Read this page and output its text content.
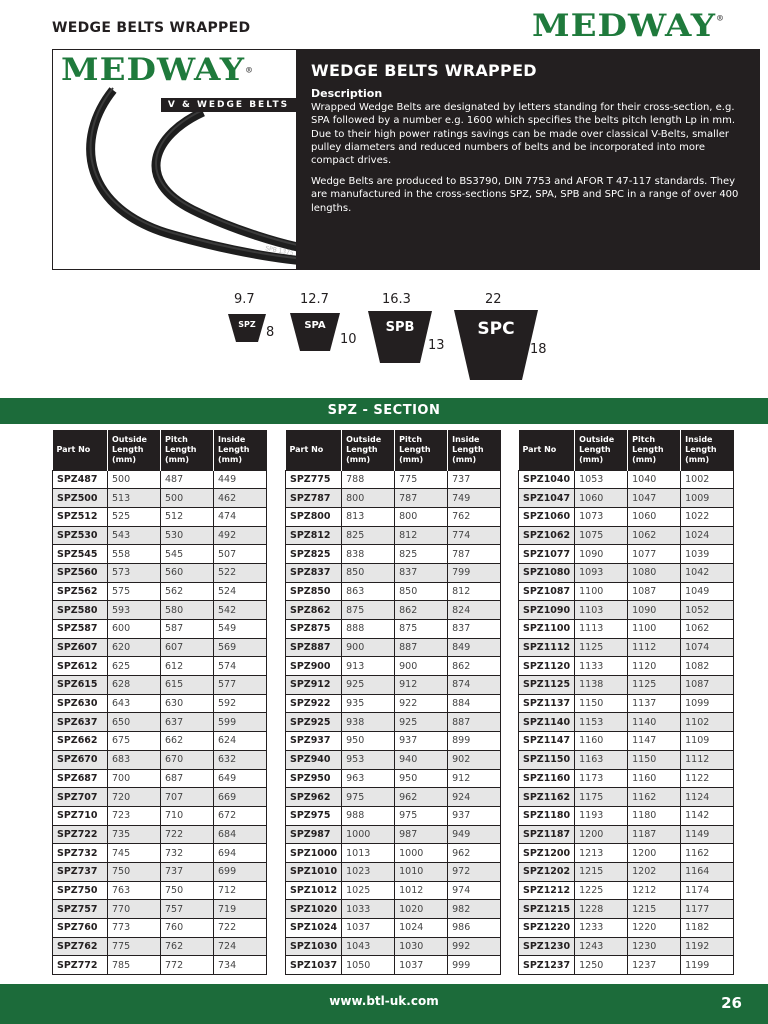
WEDGE BELTS WRAPPED	MEDWAY®
SPB 1375
MEDWAY®
V & WEDGE BELTS
WEDGE BELTS WRAPPED
Description
Wrapped Wedge Belts are designated by letters standing for their cross-section, e.g. SPA followed by a number e.g. 1600 which specifies the belts pitch length Lp in mm. Due to their high power ratings savings can be made over classical V-Belts, smaller pulley diameters and reduced numbers of belts and be incorporated into more compact drives.
Wedge Belts are produced to BS3790, DIN 7753 and AFOR T 47-117 standards. They are manufactured in the cross-sections SPZ, SPA, SPB and SPC in a range of over 400 lengths.
9.7
SPZ
8
12.7
SPA
10
16.3
SPB
13
22
SPC
18
SPZ - SECTION
Part No	Outside Length (mm)	Pitch Length (mm)	Inside Length (mm)
SPZ487	500	487	449
SPZ500	513	500	462
SPZ512	525	512	474
SPZ530	543	530	492
SPZ545	558	545	507
SPZ560	573	560	522
SPZ562	575	562	524
SPZ580	593	580	542
SPZ587	600	587	549
SPZ607	620	607	569
SPZ612	625	612	574
SPZ615	628	615	577
SPZ630	643	630	592
SPZ637	650	637	599
SPZ662	675	662	624
SPZ670	683	670	632
SPZ687	700	687	649
SPZ707	720	707	669
SPZ710	723	710	672
SPZ722	735	722	684
SPZ732	745	732	694
SPZ737	750	737	699
SPZ750	763	750	712
SPZ757	770	757	719
SPZ760	773	760	722
SPZ762	775	762	724
SPZ772	785	772	734
Part No	Outside Length (mm)	Pitch Length (mm)	Inside Length (mm)
SPZ775	788	775	737
SPZ787	800	787	749
SPZ800	813	800	762
SPZ812	825	812	774
SPZ825	838	825	787
SPZ837	850	837	799
SPZ850	863	850	812
SPZ862	875	862	824
SPZ875	888	875	837
SPZ887	900	887	849
SPZ900	913	900	862
SPZ912	925	912	874
SPZ922	935	922	884
SPZ925	938	925	887
SPZ937	950	937	899
SPZ940	953	940	902
SPZ950	963	950	912
SPZ962	975	962	924
SPZ975	988	975	937
SPZ987	1000	987	949
SPZ1000	1013	1000	962
SPZ1010	1023	1010	972
SPZ1012	1025	1012	974
SPZ1020	1033	1020	982
SPZ1024	1037	1024	986
SPZ1030	1043	1030	992
SPZ1037	1050	1037	999
Part No	Outside Length (mm)	Pitch Length (mm)	Inside Length (mm)
SPZ1040	1053	1040	1002
SPZ1047	1060	1047	1009
SPZ1060	1073	1060	1022
SPZ1062	1075	1062	1024
SPZ1077	1090	1077	1039
SPZ1080	1093	1080	1042
SPZ1087	1100	1087	1049
SPZ1090	1103	1090	1052
SPZ1100	1113	1100	1062
SPZ1112	1125	1112	1074
SPZ1120	1133	1120	1082
SPZ1125	1138	1125	1087
SPZ1137	1150	1137	1099
SPZ1140	1153	1140	1102
SPZ1147	1160	1147	1109
SPZ1150	1163	1150	1112
SPZ1160	1173	1160	1122
SPZ1162	1175	1162	1124
SPZ1180	1193	1180	1142
SPZ1187	1200	1187	1149
SPZ1200	1213	1200	1162
SPZ1202	1215	1202	1164
SPZ1212	1225	1212	1174
SPZ1215	1228	1215	1177
SPZ1220	1233	1220	1182
SPZ1230	1243	1230	1192
SPZ1237	1250	1237	1199
www.btl-uk.com	26
